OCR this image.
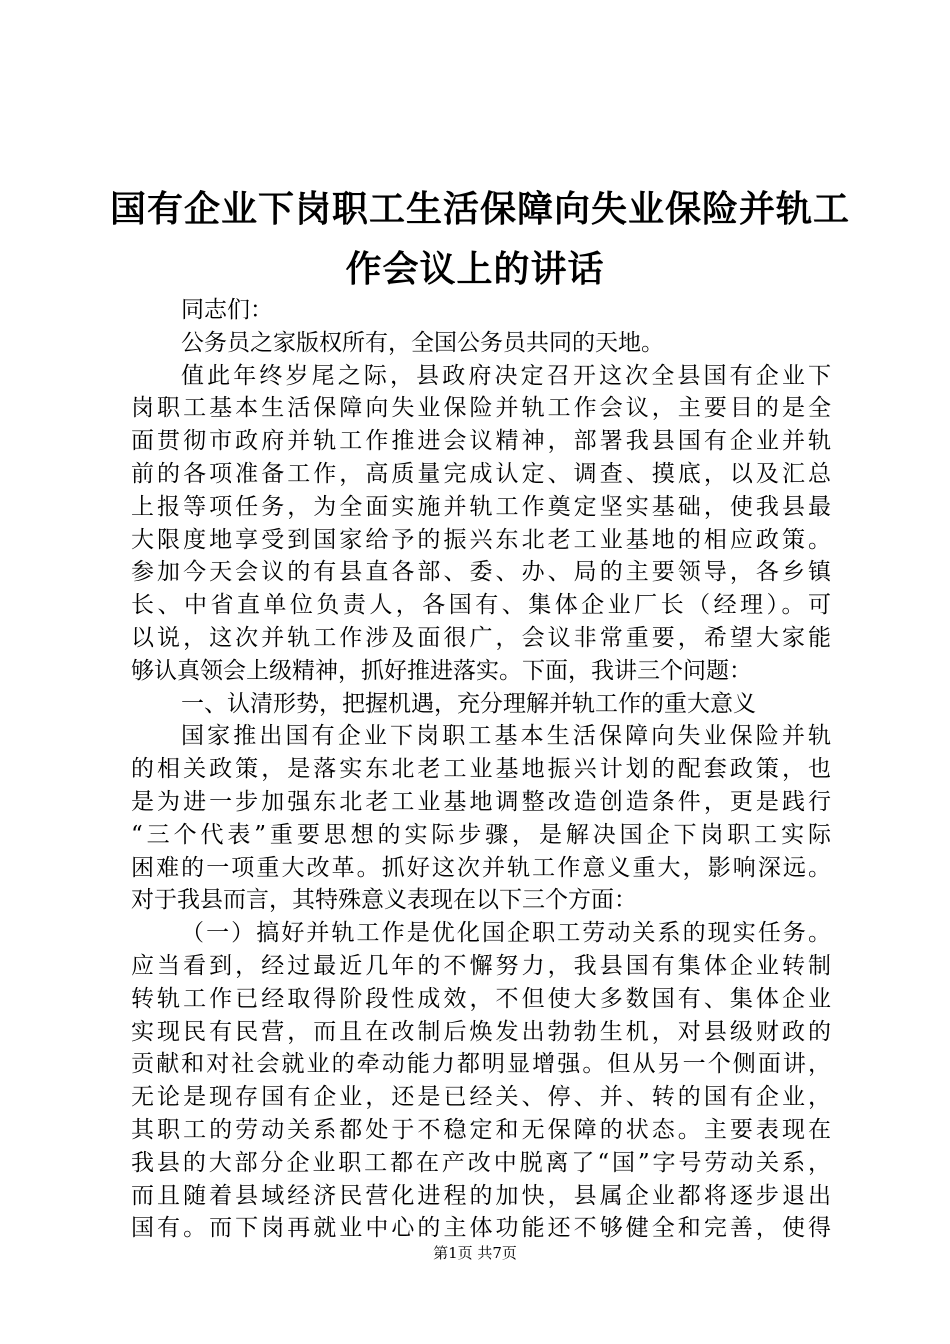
国有企业下岗职工生活保障向失业保险并轨工
作会议上的讲话
同志们：
公务员之家版权所有，全国公务员共同的天地。
值此年终岁尾之际，县政府决定召开这次全县国有企业下
岗职工基本生活保障向失业保险并轨工作会议，主要目的是全
面贯彻市政府并轨工作推进会议精神，部署我县国有企业并轨
前的各项准备工作，高质量完成认定、调查、摸底，以及汇总
上报等项任务，为全面实施并轨工作奠定坚实基础，使我县最
大限度地享受到国家给予的振兴东北老工业基地的相应政策。
参加今天会议的有县直各部、委、办、局的主要领导，各乡镇
长、中省直单位负责人，各国有、集体企业厂长（经理）。可
以说，这次并轨工作涉及面很广，会议非常重要，希望大家能
够认真领会上级精神，抓好推进落实。下面，我讲三个问题：
一、认清形势，把握机遇，充分理解并轨工作的重大意义
国家推出国有企业下岗职工基本生活保障向失业保险并轨
的相关政策，是落实东北老工业基地振兴计划的配套政策，也
是为进一步加强东北老工业基地调整改造创造条件，更是践行
“三个代表”重要思想的实际步骤，是解决国企下岗职工实际
困难的一项重大改革。抓好这次并轨工作意义重大，影响深远。
对于我县而言，其特殊意义表现在以下三个方面：
（一）搞好并轨工作是优化国企职工劳动关系的现实任务。
应当看到，经过最近几年的不懈努力，我县国有集体企业转制
转轨工作已经取得阶段性成效，不但使大多数国有、集体企业
实现民有民营，而且在改制后焕发出勃勃生机，对县级财政的
贡献和对社会就业的牵动能力都明显增强。但从另一个侧面讲，
无论是现存国有企业，还是已经关、停、并、转的国有企业，
其职工的劳动关系都处于不稳定和无保障的状态。主要表现在
我县的大部分企业职工都在产改中脱离了“国”字号劳动关系，
而且随着县域经济民营化进程的加快，县属企业都将逐步退出
国有。而下岗再就业中心的主体功能还不够健全和完善，使得
第1页 共7页
